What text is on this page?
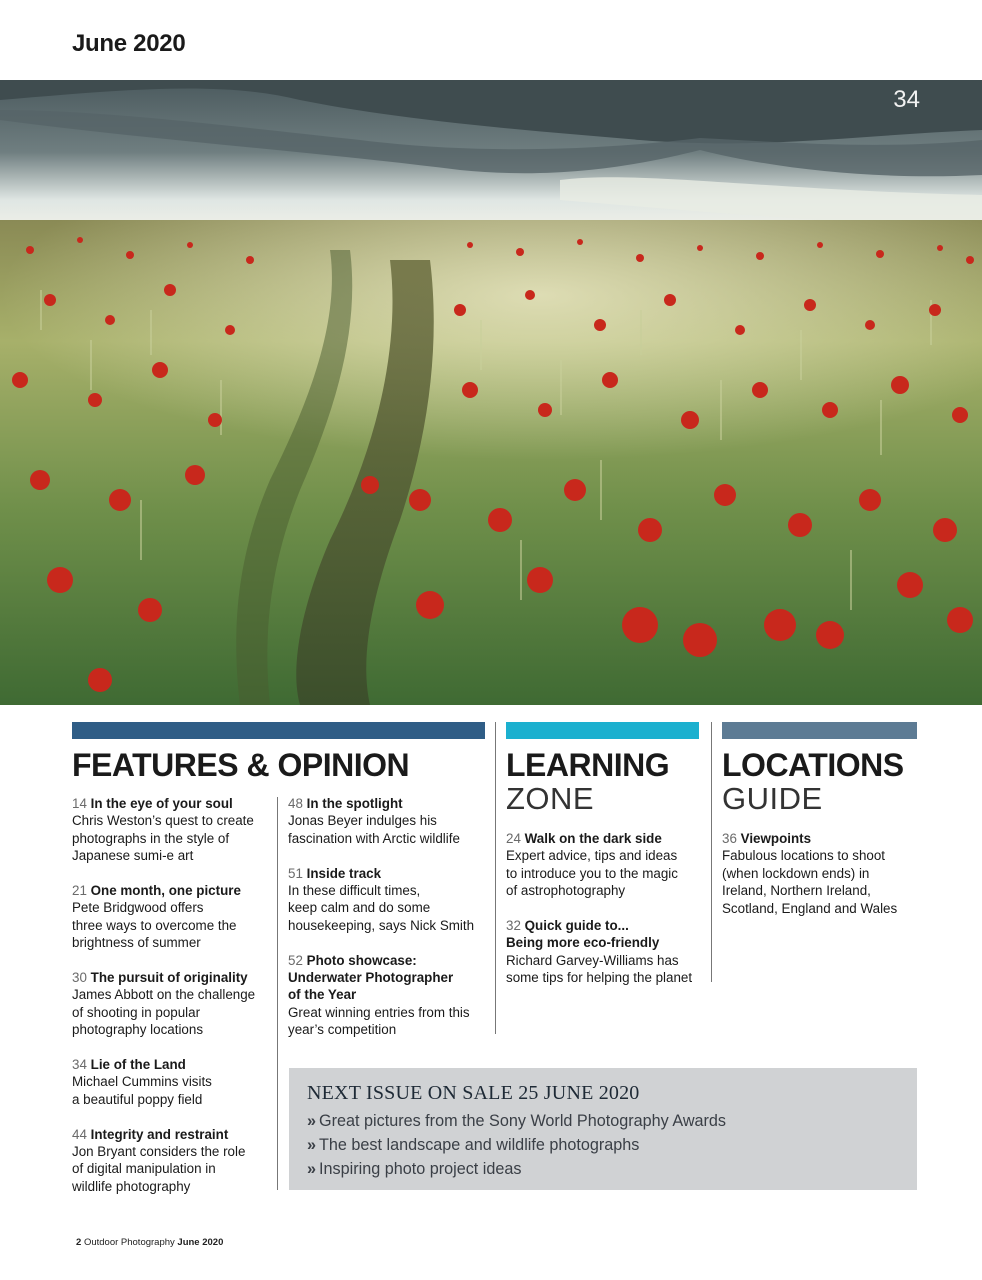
June 2020
34
FEATURES & OPINION	LEARNING
ZONE
LOCATIONS
GUIDE
14 In the eye of your soul
Chris Weston’s quest to create
photographs in the style of
Japanese sumi-e art
21 One month, one picture
Pete Bridgwood offers
three ways to overcome the
brightness of summer
30 The pursuit of originality
James Abbott on the challenge
of shooting in popular
photography locations
34 Lie of the Land
Michael Cummins visits
a beautiful poppy field
44 Integrity and restraint
Jon Bryant considers the role
of digital manipulation in
wildlife photography
48 In the spotlight
Jonas Beyer indulges his
fascination with Arctic wildlife
51 Inside track
In these difficult times,
keep calm and do some
housekeeping, says Nick Smith
52 Photo showcase:
Underwater Photographer
of the Year
Great winning entries from this
year’s competition
24 Walk on the dark side
Expert advice, tips and ideas
to introduce you to the magic
of astrophotography
32 Quick guide to...
Being more eco-friendly
Richard Garvey-Williams has
some tips for helping the planet
36 Viewpoints
Fabulous locations to shoot
(when lockdown ends) in
Ireland, Northern Ireland,
Scotland, England and Wales
NEXT ISSUE ON SALE 25 JUNE 2020
» Great pictures from the Sony World Photography Awards
» The best landscape and wildlife photographs
» Inspiring photo project ideas
2 Outdoor Photography June 2020
